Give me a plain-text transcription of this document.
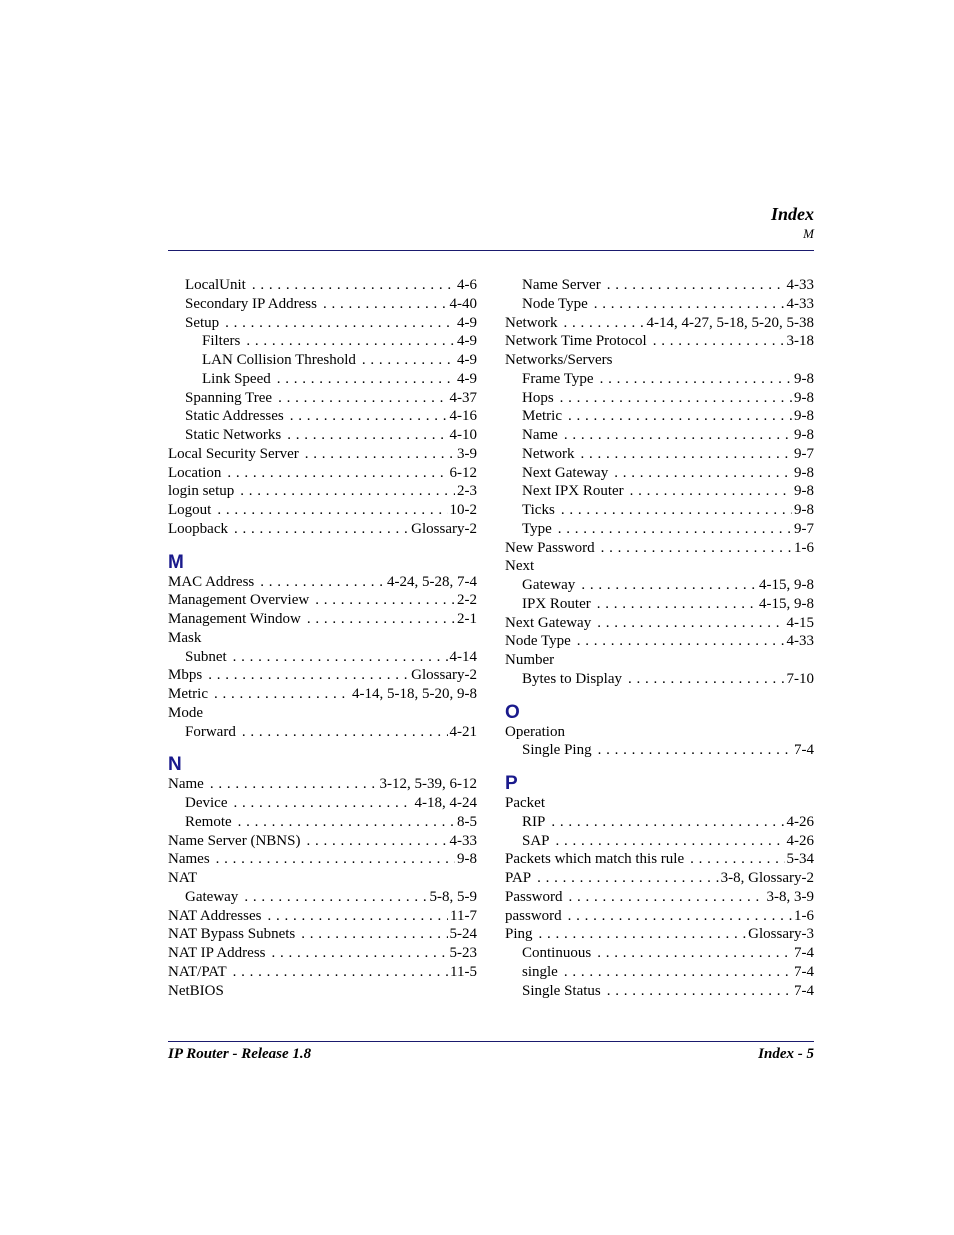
Index
M
LocalUnit . . .	4-6
Secondary IP Address . . .	4-40
Setup . . .	4-9
Filters . . .	4-9
LAN Collision Threshold . . .	4-9
Link Speed . . .	4-9
Spanning Tree . . .	4-37
Static Addresses . . .	4-16
Static Networks . . .	4-10
Local Security Server . . .	3-9
Location . . .	6-12
login setup . . .	2-3
Logout . . .	10-2
Loopback . . .	Glossary-2
M
MAC Address . . .	4-24, 5-28, 7-4
Management Overview . . .	2-2
Management Window . . .	2-1
Mask
Subnet . . .	4-14
Mbps . . .	Glossary-2
Metric . . .	4-14, 5-18, 5-20, 9-8
Mode
Forward . . .	4-21
N
Name . . .	3-12, 5-39, 6-12
Device . . .	4-18, 4-24
Remote . . .	8-5
Name Server (NBNS) . . .	4-33
Names . . .	9-8
NAT
Gateway . . .	5-8, 5-9
NAT Addresses . . .	11-7
NAT Bypass Subnets . . .	5-24
NAT IP Address . . .	5-23
NAT/PAT . . .	11-5
NetBIOS
Name Server . . .	4-33
Node Type . . .	4-33
Network . . .	4-14, 4-27, 5-18, 5-20, 5-38
Network Time Protocol . . .	3-18
Networks/Servers
Frame Type . . .	9-8
Hops . . .	9-8
Metric . . .	9-8
Name . . .	9-8
Network . . .	9-7
Next Gateway . . .	9-8
Next IPX Router . . .	9-8
Ticks . . .	9-8
Type . . .	9-7
New Password . . .	1-6
Next
Gateway . . .	4-15, 9-8
IPX Router . . .	4-15, 9-8
Next Gateway . . .	4-15
Node Type . . .	4-33
Number
Bytes to Display . . .	7-10
O
Operation
Single Ping . . .	7-4
P
Packet
RIP . . .	4-26
SAP . . .	4-26
Packets which match this rule . . .	5-34
PAP . . .	3-8, Glossary-2
Password . . .	3-8, 3-9
password . . .	1-6
Ping . . .	Glossary-3
Continuous . . .	7-4
single . . .	7-4
Single Status . . .	7-4
IP Router - Release 1.8	Index - 5
